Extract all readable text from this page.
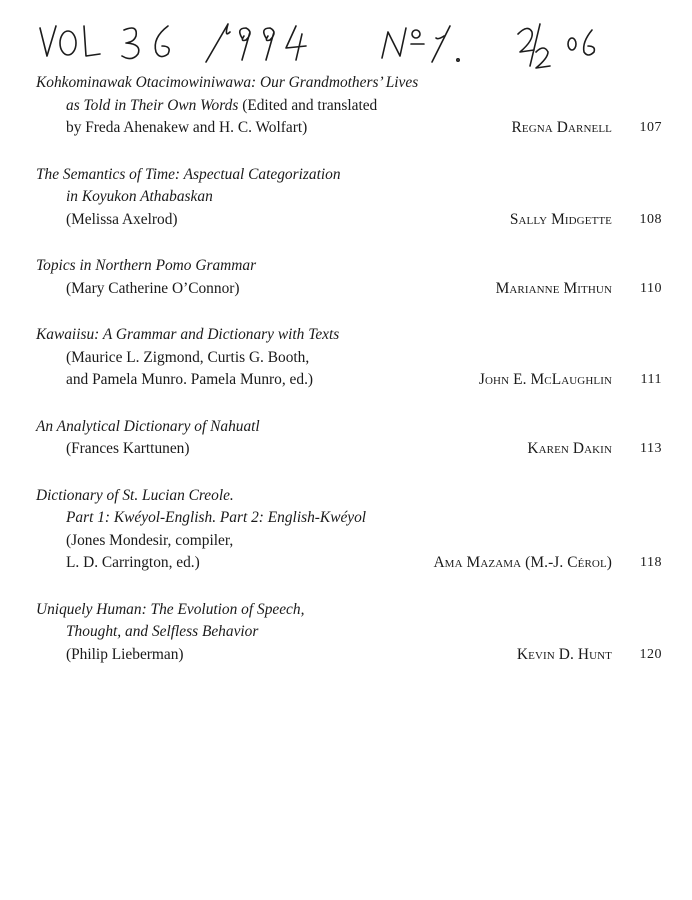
Kohkominawak Otacimowiniwawa: Our Grandmothers’ Lives
as Told in Their Own Words (Edited and translated
by Freda Ahenakew and H. C. Wolfart)	Regna Darnell	107
The Semantics of Time: Aspectual Categorization
in Koyukon Athabaskan
(Melissa Axelrod)	Sally Midgette	108
Topics in Northern Pomo Grammar
(Mary Catherine O’Connor)	Marianne Mithun	110
Kawaiisu: A Grammar and Dictionary with Texts
(Maurice L. Zigmond, Curtis G. Booth,
and Pamela Munro. Pamela Munro, ed.)	John E. McLaughlin	111
An Analytical Dictionary of Nahuatl
(Frances Karttunen)	Karen Dakin	113
Dictionary of St. Lucian Creole.
Part 1: Kwéyol-English. Part 2: English-Kwéyol
(Jones Mondesir, compiler,
L. D. Carrington, ed.)	Ama Mazama (M.-J. Cérol)	118
Uniquely Human: The Evolution of Speech,
Thought, and Selfless Behavior
(Philip Lieberman)	Kevin D. Hunt	120
